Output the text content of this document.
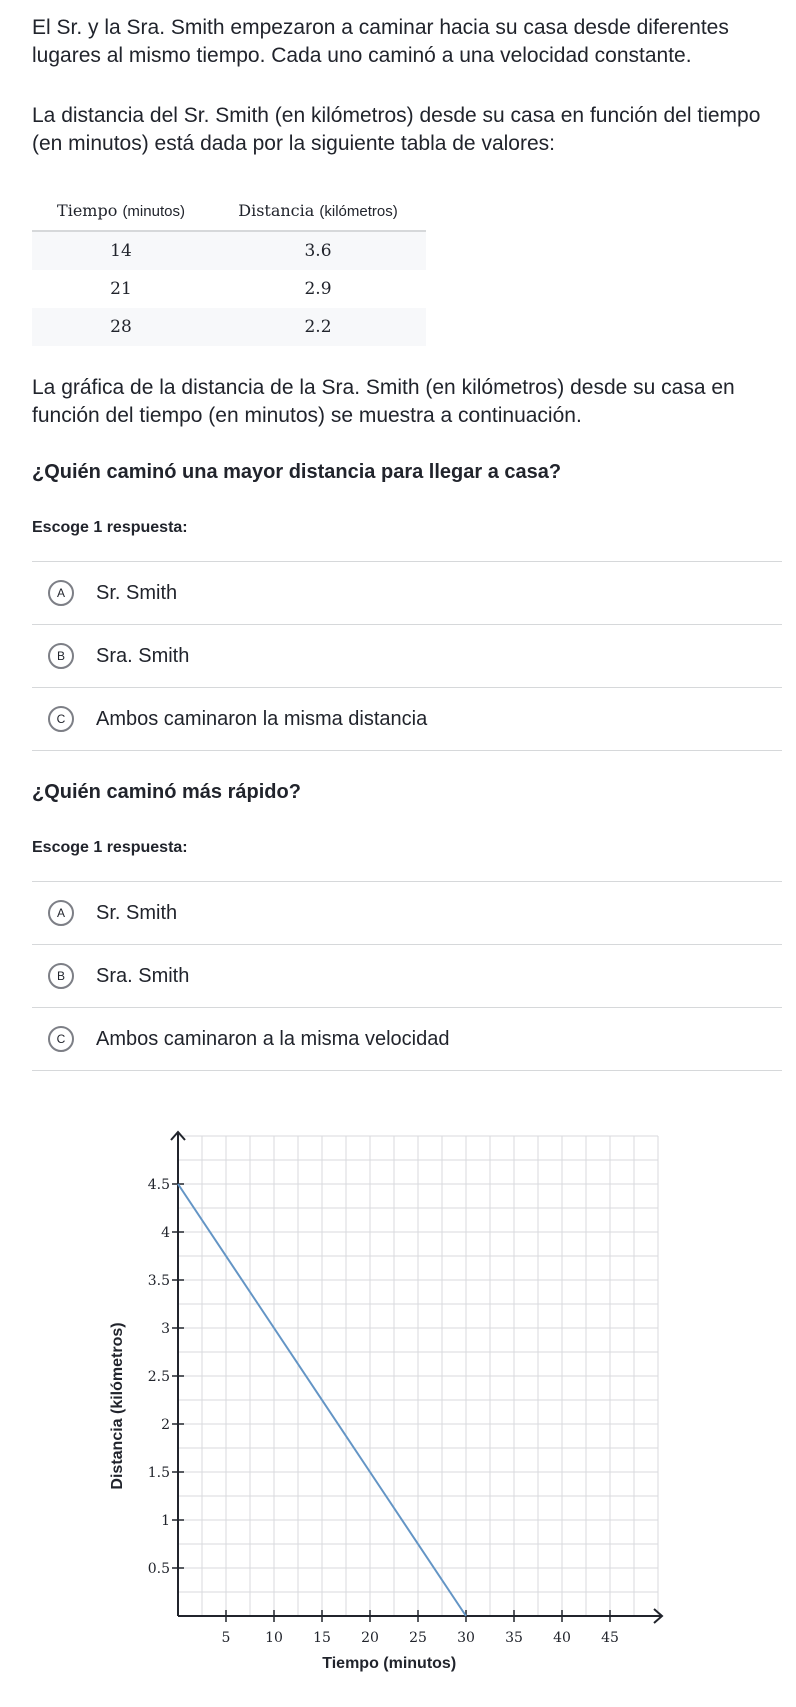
El Sr. y la Sra. Smith empezaron a caminar hacia su casa desde diferentes lugares al mismo tiempo. Cada uno caminó a una velocidad constante.

La distancia del Sr. Smith (en kilómetros) desde su casa en función del tiempo (en minutos) está dada por la siguiente tabla de valores:

Tiempo (minutos)	Distancia (kilómetros)
14	3.6
21	2.9
28	2.2

La gráfica de la distancia de la Sra. Smith (en kilómetros) desde su casa en función del tiempo (en minutos) se muestra a continuación.

¿Quién caminó una mayor distancia para llegar a casa?

Escoge 1 respuesta:

A	Sr. Smith
B	Sra. Smith
C	Ambos caminaron la misma distancia

¿Quién caminó más rápido?

Escoge 1 respuesta:

A	Sr. Smith
B	Sra. Smith
C	Ambos caminaron a la misma velocidad
5 10 15 20 25 30 35 40 45
0.5
1
1.5
2
2.5
3
3.5
4
4.5
Tiempo (minutos)
Distancia (kilómetros)
